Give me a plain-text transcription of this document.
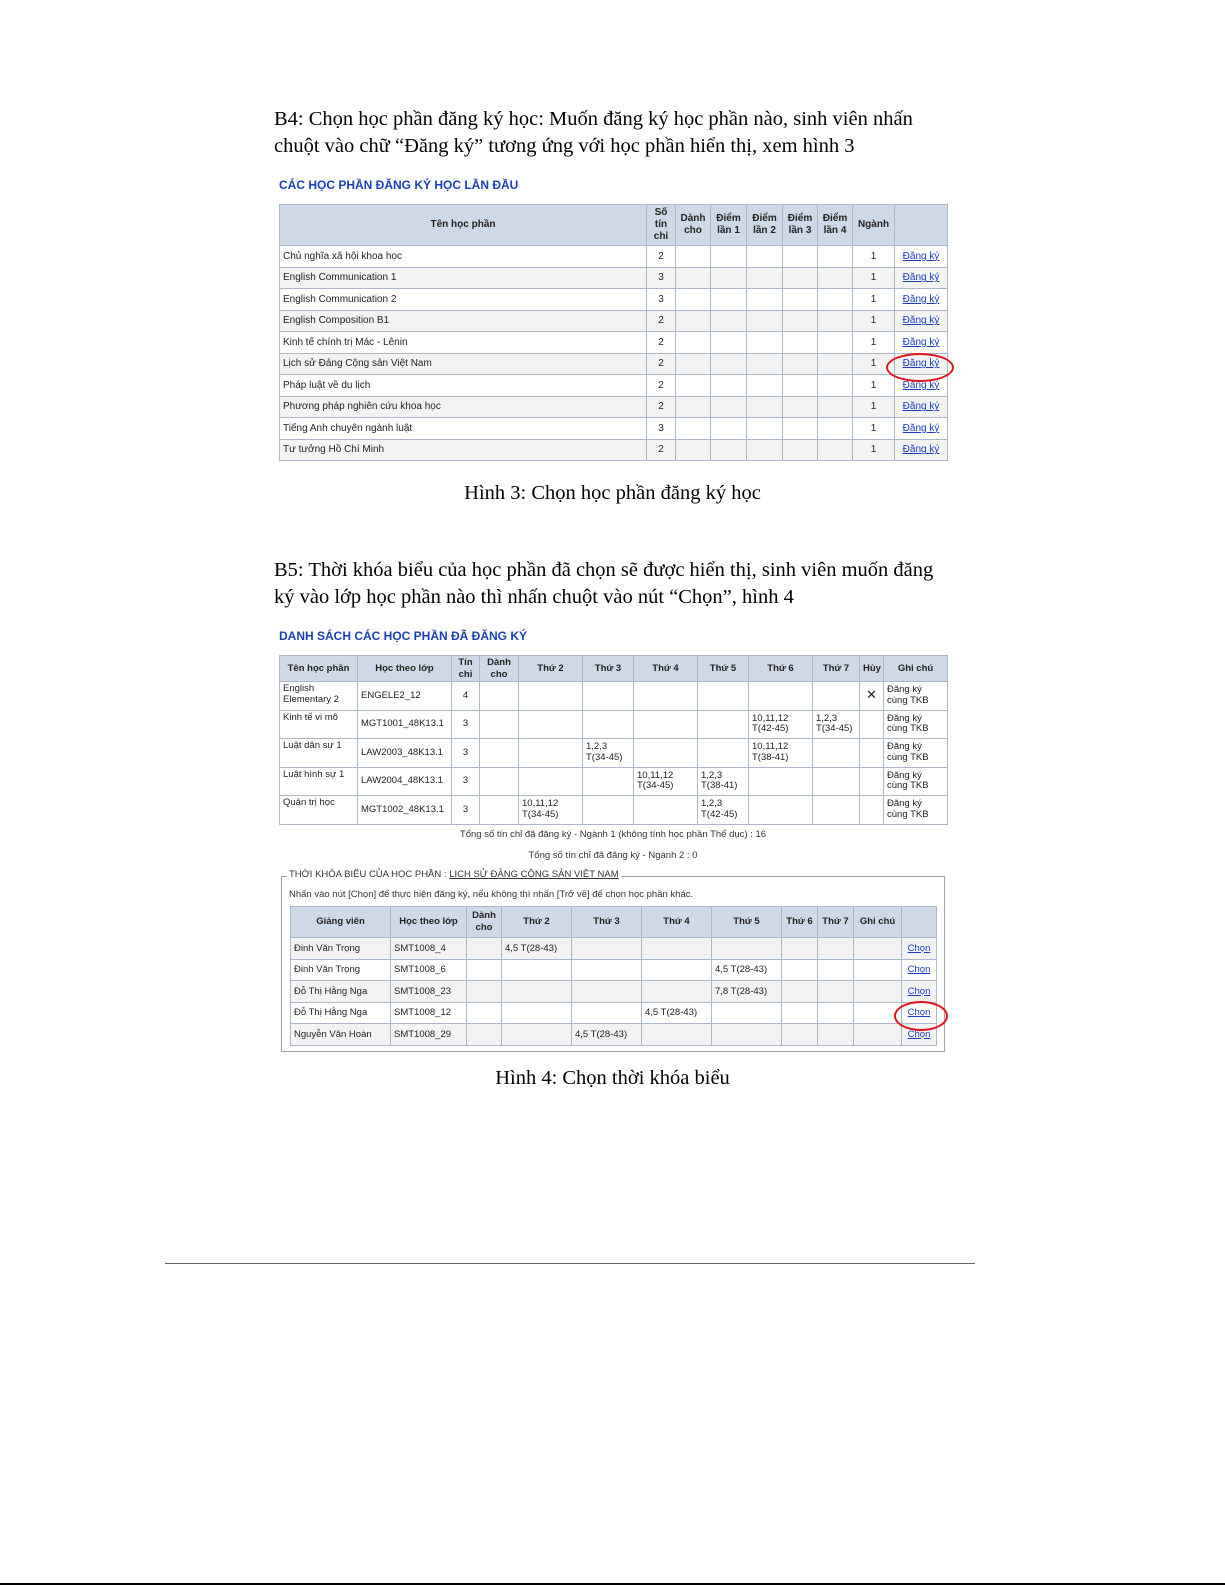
B4: Chọn học phần đăng ký học: Muốn đăng ký học phần nào, sinh viên nhấn
chuột vào chữ “Đăng ký” tương ứng với học phần hiển thị, xem hình 3

CÁC HỌC PHẦN ĐĂNG KÝ HỌC LẦN ĐẦU

Tên học phần	Số
tín
chỉ	Dành
cho	Điểm
lần 1	Điểm
lần 2	Điểm
lần 3	Điểm
lần 4	Ngành	
Chủ nghĩa xã hội khoa học	2						1	Đăng ký
English Communication 1	3						1	Đăng ký
English Communication 2	3						1	Đăng ký
English Composition B1	2						1	Đăng ký
Kinh tế chính trị Mác - Lênin	2						1	Đăng ký
Lịch sử Đảng Cộng sản Việt Nam	2						1	Đăng ký
Pháp luật về du lịch	2						1	Đăng ký
Phương pháp nghiên cứu khoa học	2						1	Đăng ký
Tiếng Anh chuyên ngành luật	3						1	Đăng ký
Tư tưởng Hồ Chí Minh	2						1	Đăng ký

Hình 3: Chọn học phần đăng ký học

B5: Thời khóa biểu của học phần đã chọn sẽ được hiển thị, sinh viên muốn đăng
ký vào lớp học phần nào thì nhấn chuột vào nút “Chọn”, hình 4

DANH SÁCH CÁC HỌC PHẦN ĐÃ ĐĂNG KÝ

Tên học phần	Học theo lớp	Tín
chỉ	Dành
cho	Thứ 2	Thứ 3	Thứ 4	Thứ 5	Thứ 6	Thứ 7	Hủy	Ghi chú
English
Elementary 2	ENGELE2_12	4								✕	Đăng ký
cùng TKB
Kinh tế vi mô	MGT1001_48K13.1	3						10,11,12
T(42-45)	1,2,3
T(34-45)		Đăng ký
cùng TKB
Luật dân sự 1	LAW2003_48K13.1	3			1,2,3
T(34-45)			10,11,12
T(38-41)			Đăng ký
cùng TKB
Luật hình sự 1	LAW2004_48K13.1	3				10,11,12
T(34-45)	1,2,3
T(38-41)				Đăng ký
cùng TKB
Quản trị học	MGT1002_48K13.1	3		10,11,12
T(34-45)			1,2,3
T(42-45)				Đăng ký
cùng TKB

Tổng số tín chỉ đã đăng ký - Ngành 1 (không tính học phần Thể dục) : 16

Tổng số tín chỉ đã đăng ký - Ngành 2 : 0

THỜI KHÓA BIỂU CỦA HỌC PHẦN : LỊCH SỬ ĐẢNG CỘNG SẢN VIỆT NAM

Nhấn vào nút [Chọn] để thực hiện đăng ký, nếu không thì nhấn [Trở về] để chọn học phần khác.

Giảng viên	Học theo lớp	Dành
cho	Thứ 2	Thứ 3	Thứ 4	Thứ 5	Thứ 6	Thứ 7	Ghi chú	
Đinh Văn Trọng	SMT1008_4		4,5 T(28-43)							Chọn
Đinh Văn Trọng	SMT1008_6					4,5 T(28-43)				Chọn
Đỗ Thị Hằng Nga	SMT1008_23					7,8 T(28-43)				Chọn
Đỗ Thị Hằng Nga	SMT1008_12				4,5 T(28-43)					Chọn
Nguyễn Văn Hoàn	SMT1008_29			4,5 T(28-43)						Chọn

Hình 4: Chọn thời khóa biểu
